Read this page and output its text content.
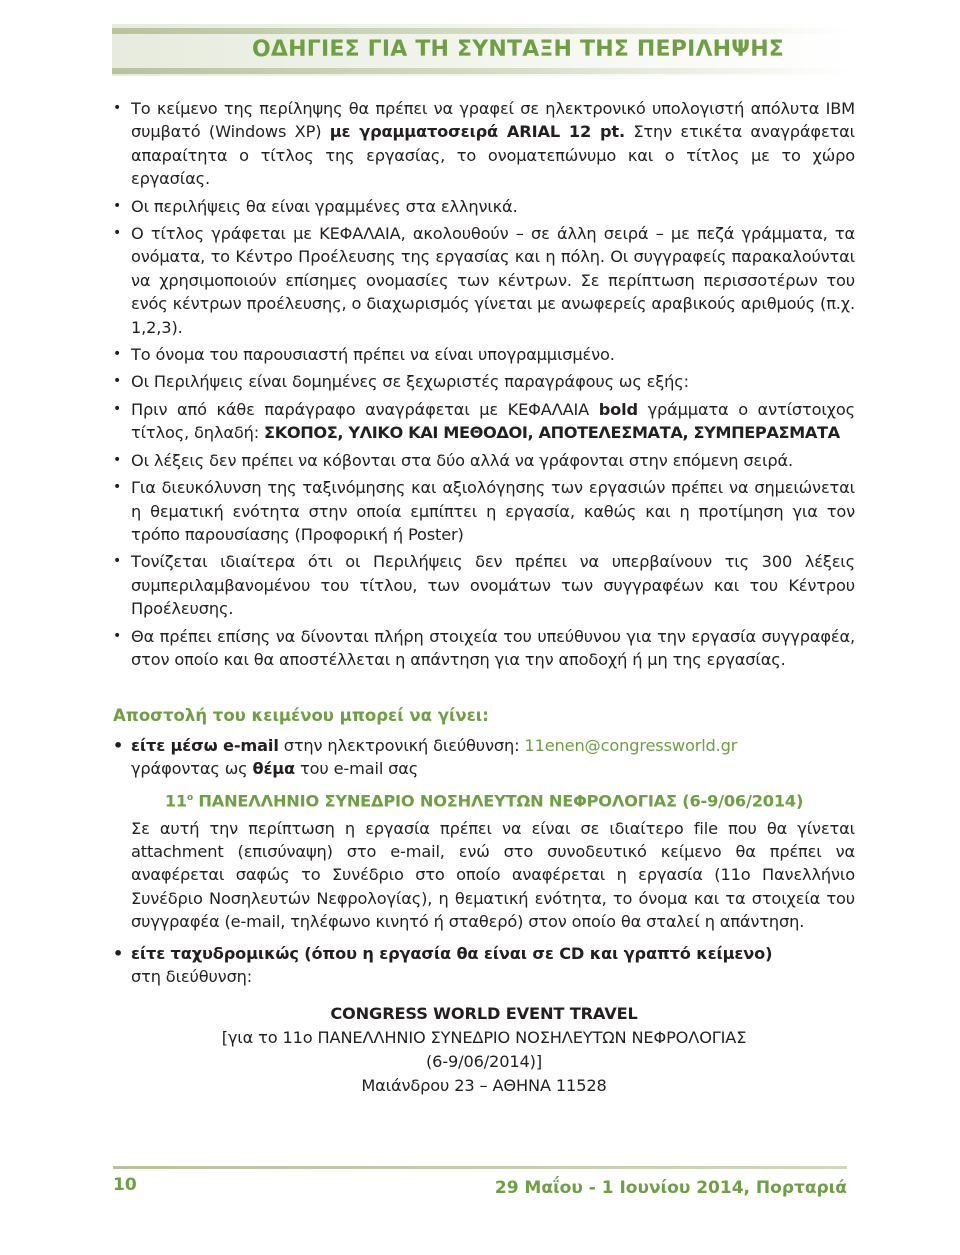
ΟΔΗΓΙΕΣ ΓΙΑ ΤΗ ΣΥΝΤΑΞΗ ΤΗΣ ΠΕΡΙΛΗΨΗΣ
• Το κείμενο της περίληψης θα πρέπει να γραφεί σε ηλεκτρονικό υπολογιστή απόλυτα IBM συμβατό (Windows XP) με γραμματοσειρά ARIAL 12 pt. Στην ετικέτα αναγράφεται απαραίτητα ο τίτλος της εργασίας, το ονοματεπώνυμο και ο τίτλος με το χώρο εργασίας.
• Οι περιλήψεις θα είναι γραμμένες στα ελληνικά.
• Ο τίτλος γράφεται με ΚΕΦΑΛΑΙΑ, ακολουθούν – σε άλλη σειρά – με πεζά γράμματα, τα ονόματα, το Κέντρο Προέλευσης της εργασίας και η πόλη. Οι συγγραφείς παρακαλούνται να χρησιμοποιούν επίσημες ονομασίες των κέντρων. Σε περίπτωση περισσοτέρων του ενός κέντρων προέλευσης, ο διαχωρισμός γίνεται με ανωφερείς αραβικούς αριθμούς (π.χ. 1,2,3).
• Το όνομα του παρουσιαστή πρέπει να είναι υπογραμμισμένο.
• Οι Περιλήψεις είναι δομημένες σε ξεχωριστές παραγράφους ως εξής:
• Πριν από κάθε παράγραφο αναγράφεται με ΚΕΦΑΛΑΙΑ bold γράμματα ο αντίστοιχος τίτλος, δηλαδή: ΣΚΟΠΟΣ, ΥΛΙΚΟ ΚΑΙ ΜΕΘΟΔΟΙ, ΑΠΟΤΕΛΕΣΜΑΤΑ, ΣΥΜΠΕΡΑΣΜΑΤΑ
• Οι λέξεις δεν πρέπει να κόβονται στα δύο αλλά να γράφονται στην επόμενη σειρά.
• Για διευκόλυνση της ταξινόμησης και αξιολόγησης των εργασιών πρέπει να σημειώνεται η θεματική ενότητα στην οποία εμπίπτει η εργασία, καθώς και η προτίμηση για τον τρόπο παρουσίασης (Προφορική ή Poster)
• Τονίζεται ιδιαίτερα ότι οι Περιλήψεις δεν πρέπει να υπερβαίνουν τις 300 λέξεις συμπεριλαμβανομένου του τίτλου, των ονομάτων των συγγραφέων και του Κέντρου Προέλευσης.
• Θα πρέπει επίσης να δίνονται πλήρη στοιχεία του υπεύθυνου για την εργασία συγγραφέα, στον οποίο και θα αποστέλλεται η απάντηση για την αποδοχή ή μη της εργασίας.
Αποστολή του κειμένου μπορεί να γίνει:
• είτε μέσω e-mail στην ηλεκτρονική διεύθυνση: 11enen@congressworld.gr
γράφοντας ως θέμα του e-mail σας
$11^o$ ΠΑΝΕΛΛΗΝΙΟ ΣΥΝΕΔΡΙΟ ΝΟΣΗΛΕΥΤΩΝ ΝΕΦΡΟΛΟΓΙΑΣ (6-9/06/2014)
Σε αυτή την περίπτωση η εργασία πρέπει να είναι σε ιδιαίτερο file που θα γίνεται attachment (επισύναψη) στο e-mail, ενώ στο συνοδευτικό κείμενο θα πρέπει να αναφέρεται σαφώς το Συνέδριο στο οποίο αναφέρεται η εργασία (11ο Πανελλήνιο Συνέδριο Νοσηλευτών Νεφρολογίας), η θεματική ενότητα, το όνομα και τα στοιχεία του συγγραφέα (e-mail, τηλέφωνο κινητό ή σταθερό) στον οποίο θα σταλεί η απάντηση.
• είτε ταχυδρομικώς (όπου η εργασία θα είναι σε CD και γραπτό κείμενο)
στη διεύθυνση:
CONGRESS WORLD EVENT TRAVEL
[για το 11ο ΠΑΝΕΛΛΗΝΙΟ ΣΥΝΕΔΡΙΟ ΝΟΣΗΛΕΥΤΩΝ ΝΕΦΡΟΛΟΓΙΑΣ
(6-9/06/2014)]
Μαιάνδρου 23 – ΑΘΗΝΑ 11528
10	29 Μαΐου - 1 Ιουνίου 2014, Πορταριά
